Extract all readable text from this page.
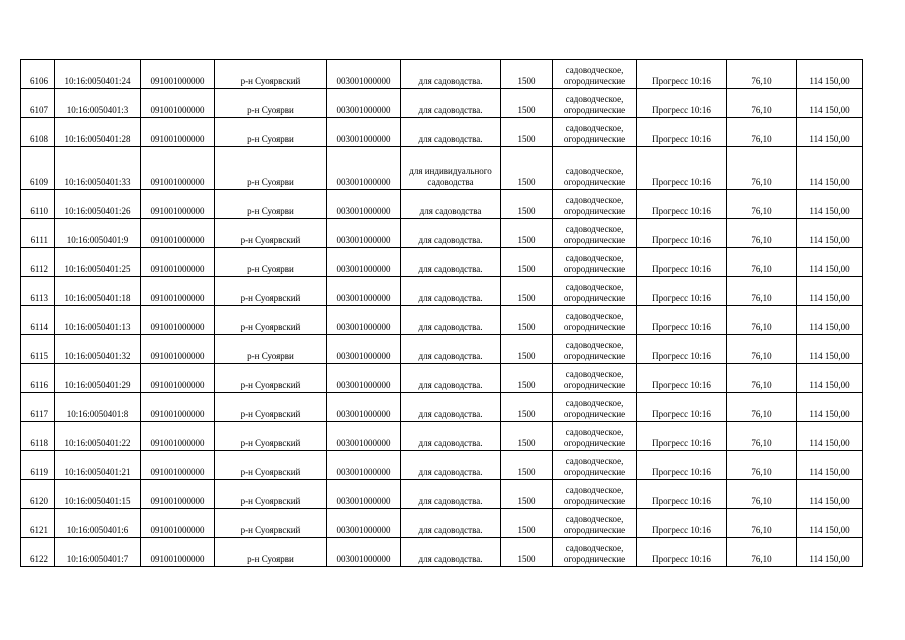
6106	10:16:0050401:24	091001000000	р-н Суоярвский	003001000000	для садоводства.	1500	садоводческое, огороднические	Прогресс 10:16	76,10	114 150,00
6107	10:16:0050401:3	091001000000	р-н Суоярви	003001000000	для садоводства.	1500	садоводческое, огороднические	Прогресс 10:16	76,10	114 150,00
6108	10:16:0050401:28	091001000000	р-н Суоярви	003001000000	для садоводства.	1500	садоводческое, огороднические	Прогресс 10:16	76,10	114 150,00
6109	10:16:0050401:33	091001000000	р-н Суоярви	003001000000	для индивидуального садоводства	1500	садоводческое, огороднические	Прогресс 10:16	76,10	114 150,00
6110	10:16:0050401:26	091001000000	р-н Суоярви	003001000000	для садоводства	1500	садоводческое, огороднические	Прогресс 10:16	76,10	114 150,00
6111	10:16:0050401:9	091001000000	р-н Суоярвский	003001000000	для садоводства.	1500	садоводческое, огороднические	Прогресс 10:16	76,10	114 150,00
6112	10:16:0050401:25	091001000000	р-н Суоярви	003001000000	для садоводства.	1500	садоводческое, огороднические	Прогресс 10:16	76,10	114 150,00
6113	10:16:0050401:18	091001000000	р-н Суоярвский	003001000000	для садоводства.	1500	садоводческое, огороднические	Прогресс 10:16	76,10	114 150,00
6114	10:16:0050401:13	091001000000	р-н Суоярвский	003001000000	для садоводства.	1500	садоводческое, огороднические	Прогресс 10:16	76,10	114 150,00
6115	10:16:0050401:32	091001000000	р-н Суоярви	003001000000	для садоводства.	1500	садоводческое, огороднические	Прогресс 10:16	76,10	114 150,00
6116	10:16:0050401:29	091001000000	р-н Суоярвский	003001000000	для садоводства.	1500	садоводческое, огороднические	Прогресс 10:16	76,10	114 150,00
6117	10:16:0050401:8	091001000000	р-н Суоярвский	003001000000	для садоводства.	1500	садоводческое, огороднические	Прогресс 10:16	76,10	114 150,00
6118	10:16:0050401:22	091001000000	р-н Суоярвский	003001000000	для садоводства.	1500	садоводческое, огороднические	Прогресс 10:16	76,10	114 150,00
6119	10:16:0050401:21	091001000000	р-н Суоярвский	003001000000	для садоводства.	1500	садоводческое, огороднические	Прогресс 10:16	76,10	114 150,00
6120	10:16:0050401:15	091001000000	р-н Суоярвский	003001000000	для садоводства.	1500	садоводческое, огороднические	Прогресс 10:16	76,10	114 150,00
6121	10:16:0050401:6	091001000000	р-н Суоярвский	003001000000	для садоводства.	1500	садоводческое, огороднические	Прогресс 10:16	76,10	114 150,00
6122	10:16:0050401:7	091001000000	р-н Суоярви	003001000000	для садоводства.	1500	садоводческое, огороднические	Прогресс 10:16	76,10	114 150,00
